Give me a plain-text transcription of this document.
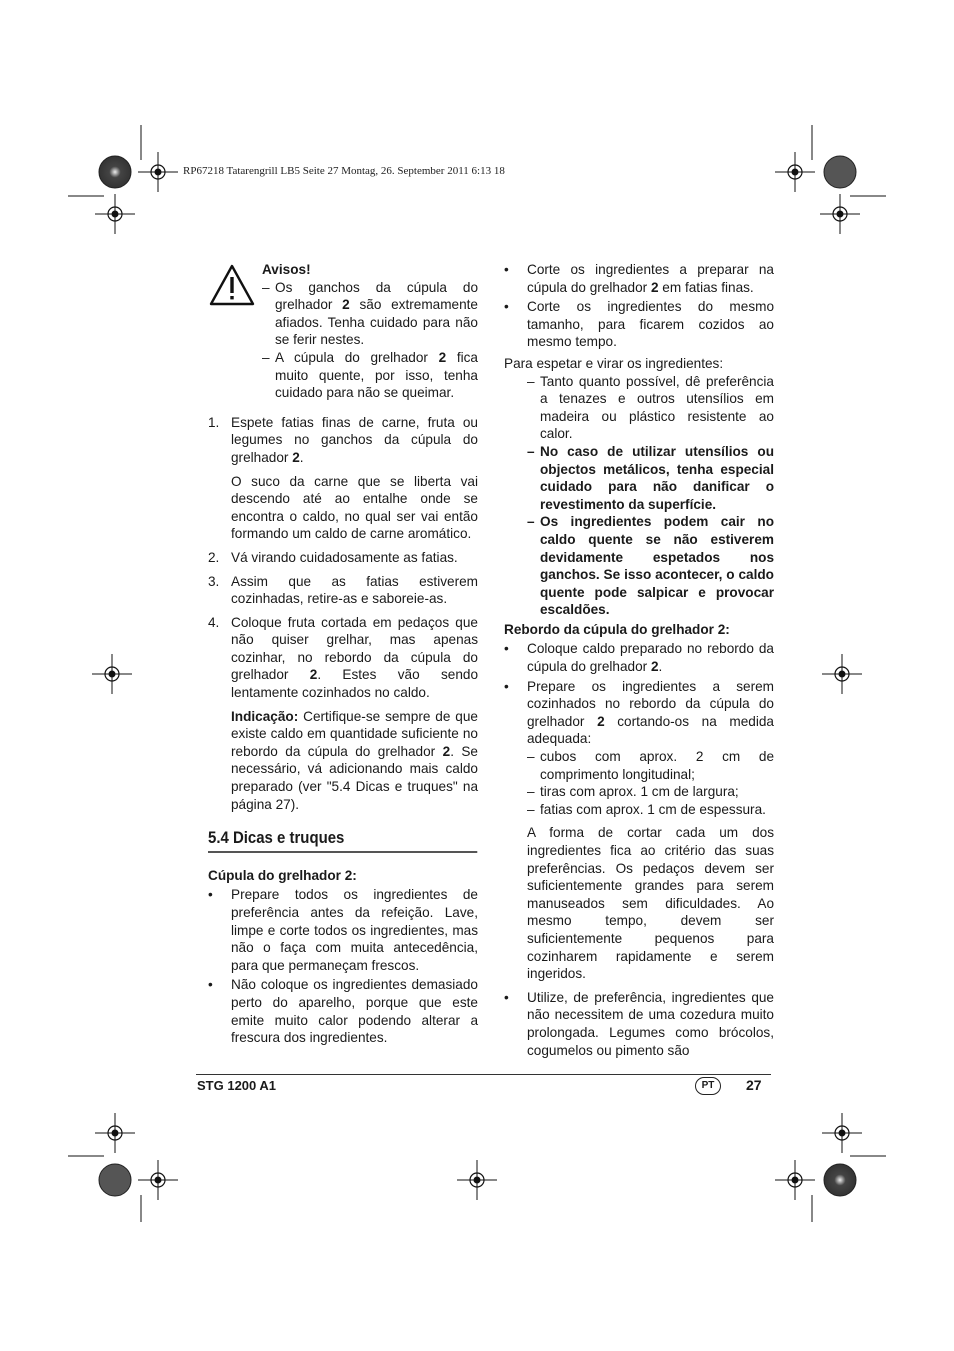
RP67218 Tatarengrill LB5 Seite 27 Montag, 26. September 2011 6:13 18

Avisos!

– Os ganchos da cúpula do grelhador 2 são extremamente afiados. Tenha cuidado para não se ferir nestes.
– A cúpula do grelhador 2 fica muito quente, por isso, tenha cuidado para não se queimar.
1. Espete fatias finas de carne, fruta ou legumes no ganchos da cúpula do grelhador 2.

O suco da carne que se liberta vai descendo até ao entalhe onde se encontra o caldo, no qual ser vai então formando um caldo de carne aromático.

2. Vá virando cuidadosamente as fatias.
3. Assim que as fatias estiverem cozinhadas, retire-as e saboreie-as.
4. Coloque fruta cortada em pedaços que não quiser grelhar, mas apenas cozinhar, no rebordo da cúpula do grelhador 2. Estes vão sendo lentamente cozinhados no caldo.

Indicação: Certifique-se sempre de que existe caldo em quantidade suficiente no rebordo da cúpula do grelhador 2. Se necessário, vá adicionando mais caldo preparado (ver "5.4 Dicas e truques" na página 27).

5.4 Dicas e truques

Cúpula do grelhador 2:

•	Prepare todos os ingredientes de preferência antes da refeição. Lave, limpe e corte todos os ingredientes, mas não o faça com muita antecedência, para que permaneçam frescos.
•	Não coloque os ingredientes demasiado perto do aparelho, porque que este emite muito calor podendo alterar a frescura dos ingredientes.
•	Corte os ingredientes a preparar na cúpula do grelhador 2 em fatias finas.
•	Corte os ingredientes do mesmo tamanho, para ficarem cozidos ao mesmo tempo.

Para espetar e virar os ingredientes:

– Tanto quanto possível, dê preferência a tenazes e outros utensílios em madeira ou plástico resistente ao calor.
– No caso de utilizar utensílios ou objectos metálicos, tenha especial cuidado para não danificar o revestimento da superfície.
– Os ingredientes podem cair no caldo quente se não estiverem devidamente espetados nos ganchos. Se isso acontecer, o caldo quente pode salpicar e provocar escaldões.

Rebordo da cúpula do grelhador 2:

•	Coloque caldo preparado no rebordo da cúpula do grelhador 2.
•	Prepare os ingredientes a serem cozinhados no rebordo da cúpula do grelhador 2 cortando-os na medida adequada:
– cubos com aprox. 2 cm de comprimento longitudinal;
– tiras com aprox. 1 cm de largura;
– fatias com aprox. 1 cm de espessura.

A forma de cortar cada um dos ingredientes fica ao critério das suas preferências. Os pedaços devem ser suficientemente grandes para serem manuseados sem dificuldades. Ao mesmo tempo, devem ser suficientemente pequenos para cozinharem rapidamente e serem ingeridos.

•	Utilize, de preferência, ingredientes que não necessitem de uma cozedura muito prolongada. Legumes como brócolos, cogumelos ou pimento são
STG 1200 A1	PT	27
